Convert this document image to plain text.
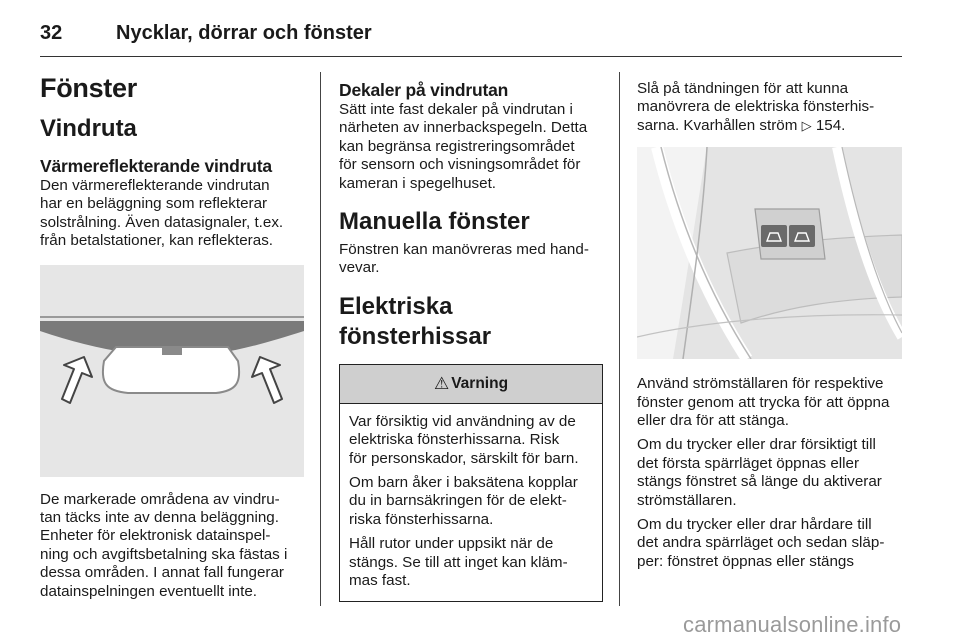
32	Nycklar, dörrar och fönster
Fönster
Vindruta
Värmereflekterande vindruta

Den värmereflekterande vindrutan
har en beläggning som reflekterar
solstrålning. Även datasignaler, t.ex.
från betalstationer, kan reflekteras.

De markerade områdena av vindru-
tan täcks inte av denna beläggning.
Enheter för elektronisk datainspel-
ning och avgiftsbetalning ska fästas i
dessa områden. I annat fall fungerar
datainspelningen eventuellt inte.

Dekaler på vindrutan

Sätt inte fast dekaler på vindrutan i
närheten av innerbackspegeln. Detta
kan begränsa registreringsområdet
för sensorn och visningsområdet för
kameran i spegelhuset.

Manuella fönster

Fönstren kan manövreras med hand-
vevar.

Elektriska fönsterhissar
⚠ Varning

Var försiktig vid användning av de
elektriska fönsterhissarna. Risk
för personskador, särskilt för barn.

Om barn åker i baksätena kopplar
du in barnsäkringen för de elekt-
riska fönsterhissarna.

Håll rutor under uppsikt när de
stängs. Se till att inget kan kläm-
mas fast.

Slå på tändningen för att kunna
manövrera de elektriska fönsterhis-
sarna. Kvarhållen ström ▷ 154.

Använd strömställaren för respektive
fönster genom att trycka för att öppna
eller dra för att stänga.

Om du trycker eller drar försiktigt till
det första spärrläget öppnas eller
stängs fönstret så länge du aktiverar
strömställaren.

Om du trycker eller drar hårdare till
det andra spärrläget och sedan släp-
per: fönstret öppnas eller stängs

carmanualsonline.info
